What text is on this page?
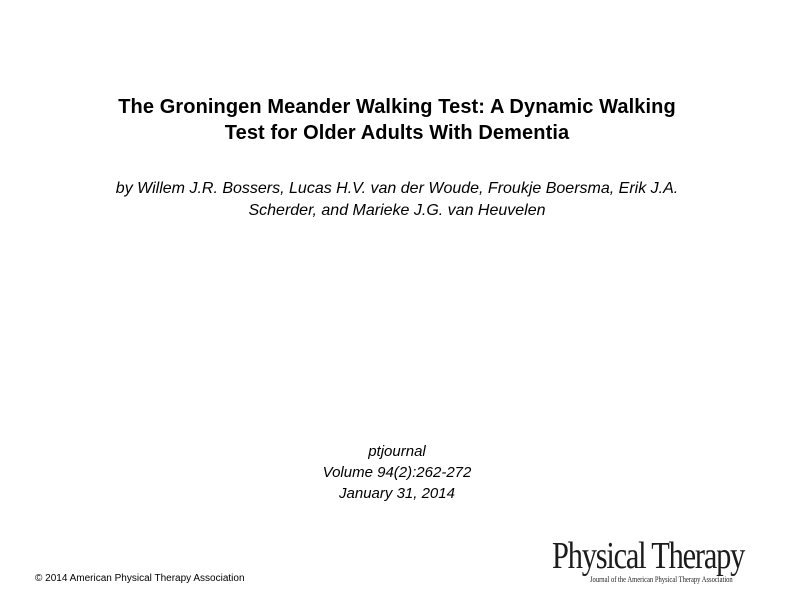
The Groningen Meander Walking Test: A Dynamic Walking
Test for Older Adults With Dementia
by Willem J.R. Bossers, Lucas H.V. van der Woude, Froukje Boersma, Erik J.A.
Scherder, and Marieke J.G. van Heuvelen
ptjournal
Volume 94(2):262-272
January 31, 2014
© 2014 American Physical Therapy Association
Physical Therapy
Journal of the American Physical Therapy Association
